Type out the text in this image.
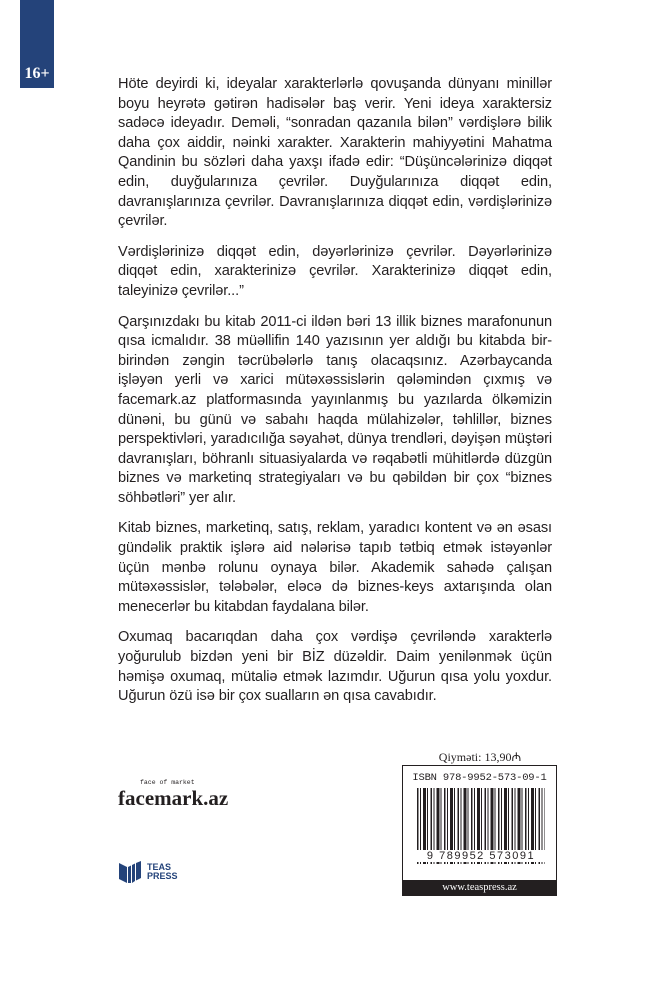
16+

Höte deyirdi ki, ideyalar xarakterlərlə qovuşanda dünyanı minillər boyu heyrətə gətirən hadisələr baş verir. Yeni ideya xaraktersiz sadəcə ideyadır. Deməli, “sonradan qazanıla bilən” vərdişlərə bilik daha çox aiddir, nəinki xarakter. Xarakterin mahiyyətini Mahatma Qandinin bu sözləri daha yaxşı ifadə edir: “Düşüncələrinizə diqqət edin, duyğularınıza çevrilər. Duyğularınıza diqqət edin, davranışlarınıza çevrilər. Davranışlarınıza diqqət edin, vərdişlərinizə çevrilər.

Vərdişlərinizə diqqət edin, dəyərlərinizə çevrilər. Dəyərlərinizə diqqət edin, xarakterinizə çevrilər. Xarakterinizə diqqət edin, taleyinizə çevrilər...”

Qarşınızdakı bu kitab 2011-ci ildən bəri 13 illik biznes marafonunun qısa icmalıdır. 38 müəllifin 140 yazısının yer aldığı bu kitabda bir-birindən zəngin təcrübələrlə tanış olacaqsınız. Azərbaycanda işləyən yerli və xarici mütəxəssislərin qələmindən çıxmış və facemark.az platformasında yayınlanmış bu yazılarda ölkəmizin dünəni, bu günü və sabahı haqda mülahizələr, təhlillər, biznes perspektivləri, yaradıcılığa səyahət, dünya trendləri, dəyişən müştəri davranışları, böhranlı situasiyalarda və rəqabətli mühitlərdə düzgün biznes və marketinq strategiyaları və bu qəbildən bir çox “biznes söhbətləri” yer alır.

Kitab biznes, marketinq, satış, reklam, yaradıcı kontent və ən əsası gündəlik praktik işlərə aid nələrisə tapıb tətbiq etmək istəyənlər üçün mənbə rolunu oynaya bilər. Akademik sahədə çalışan mütəxəssislər, tələbələr, eləcə də biznes-keys axtarışında olan menecerlər bu kitabdan faydalana bilər.

Oxumaq bacarıqdan daha çox vərdişə çevriləndə xarakterlə yoğurulub bizdən yeni bir BİZ düzəldir. Daim yenilənmək üçün həmişə oxumaq, mütaliə etmək lazımdır. Uğurun qısa yolu yoxdur. Uğurun özü isə bir çox sualların ən qısa cavabıdır.

Qiyməti: 13,90₼
ISBN 978-9952-573-09-1
9 789952 573091
www.teaspress.az
face of market
facemark.az
TEAS
PRESS
